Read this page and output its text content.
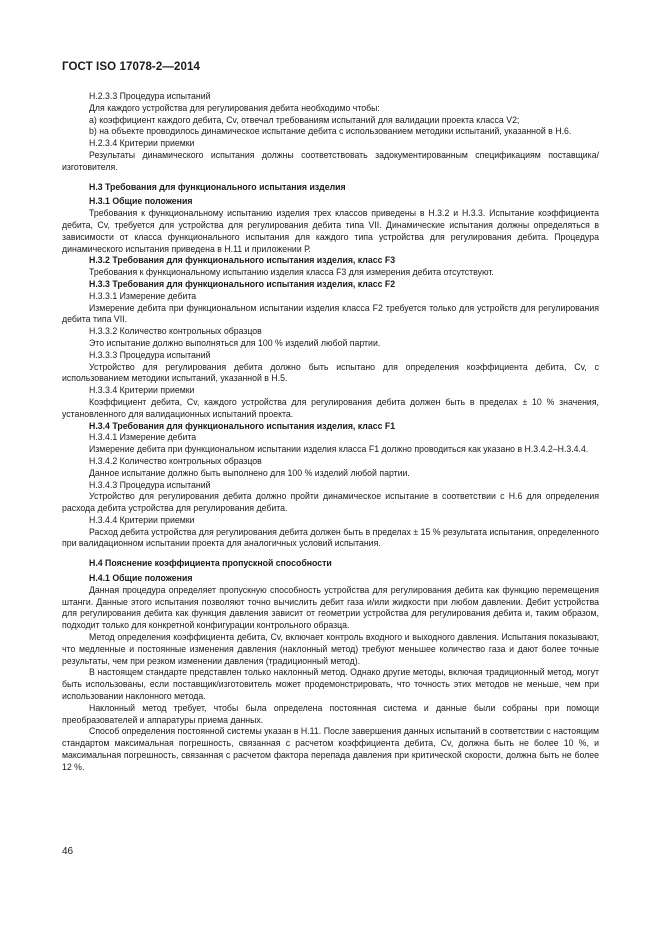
ГОСТ ISO 17078-2—2014

Н.2.3.3 Процедура испытаний

Для каждого устройства для регулирования дебита необходимо чтобы:

а) коэффициент каждого дебита, Cv, отвечал требованиям испытаний для валидации проекта класса V2;

b) на объекте проводилось динамическое испытание дебита с использованием методики испытаний, указанной в Н.6.

Н.2.3.4 Критерии приемки

Результаты динамического испытания должны соответствовать задокументированным спецификациям поставщика/изготовителя.

Н.3 Требования для функционального испытания изделия

Н.3.1 Общие положения

Требования к функциональному испытанию изделия трех классов приведены в Н.3.2 и Н.3.3. Испытание коэффициента дебита, Cv, требуется для устройства для регулирования дебита типа VII. Динамические испытания должны определяться в зависимости от класса функционального испытания для каждого типа устройства для регулирования дебита. Процедура динамического испытания приведена в Н.11 и приложении Р.

Н.3.2 Требования для функционального испытания изделия, класс F3

Требования к функциональному испытанию изделия класса F3 для измерения дебита отсутствуют.

Н.3.3 Требования для функционального испытания изделия, класс F2

Н.3.3.1 Измерение дебита

Измерение дебита при функциональном испытании изделия класса F2 требуется только для устройств для регулирования дебита типа VII.

Н.3.3.2 Количество контрольных образцов

Это испытание должно выполняться для 100 % изделий любой партии.

Н.3.3.3 Процедура испытаний

Устройство для регулирования дебита должно быть испытано для определения коэффициента дебита, Cv, с использованием методики испытаний, указанной в Н.5.

Н.3.3.4 Критерии приемки

Коэффициент дебита, Cv, каждого устройства для регулирования дебита должен быть в пределах ± 10 % значения, установленного для валидационных испытаний проекта.

Н.3.4 Требования для функционального испытания изделия, класс F1

Н.3.4.1 Измерение дебита

Измерение дебита при функциональном испытании изделия класса F1 должно проводиться как указано в Н.3.4.2–Н.3.4.4.

Н.3.4.2 Количество контрольных образцов

Данное испытание должно быть выполнено для 100 % изделий любой партии.

Н.3.4.3 Процедура испытаний

Устройство для регулирования дебита должно пройти динамическое испытание в соответствии с Н.6 для определения расхода дебита устройства для регулирования дебита.

Н.3.4.4 Критерии приемки

Расход дебита устройства для регулирования дебита должен быть в пределах ± 15 % результата испытания, определенного при валидационном испытании проекта для аналогичных условий испытания.

Н.4 Пояснение коэффициента пропускной способности

Н.4.1 Общие положения

Данная процедура определяет пропускную способность устройства для регулирования дебита как функцию перемещения штанги. Данные этого испытания позволяют точно вычислить дебит газа и/или жидкости при любом давлении. Дебит устройства для регулирования дебита как функция давления зависит от геометрии устройства для регулирования дебита и, таким образом, подходит только для конкретной конфигурации контрольного образца.

Метод определения коэффициента дебита, Cv, включает контроль входного и выходного давления. Испытания показывают, что медленные и постоянные изменения давления (наклонный метод) требуют меньшее количество газа и дают более точные результаты, чем при резком изменении давления (традиционный метод).

В настоящем стандарте представлен только наклонный метод. Однако другие методы, включая традиционный метод, могут быть использованы, если поставщик/изготовитель может продемонстрировать, что точность этих методов не меньше, чем при использовании наклонного метода.

Наклонный метод требует, чтобы была определена постоянная система и данные были собраны при помощи преобразователей и аппаратуры приема данных.

Способ определения постоянной системы указан в Н.11. После завершения данных испытаний в соответствии с настоящим стандартом максимальная погрешность, связанная с расчетом коэффициента дебита, Cv, должна быть не более 10 %, и максимальная погрешность, связанная с расчетом фактора перепада давления при критической скорости, должна быть не более 12 %.

46
